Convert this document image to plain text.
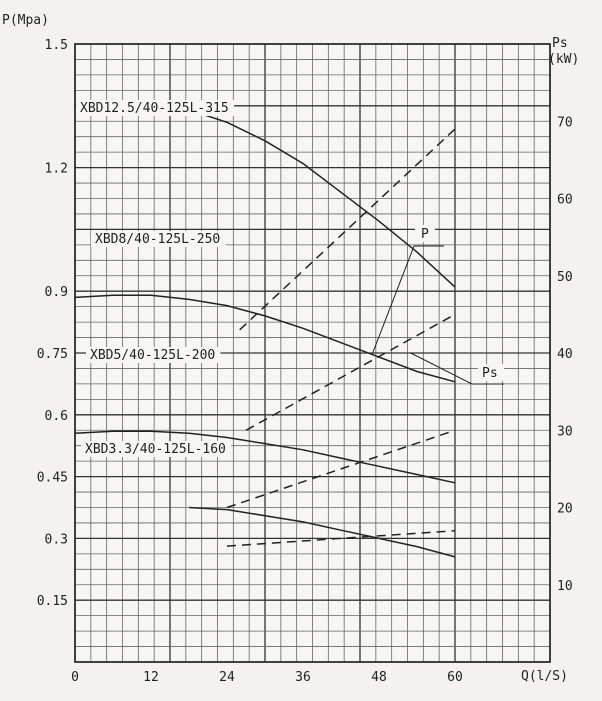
0	12	24	36	48	60
1.5
1.2
0.9
0.75
0.6
0.45
0.3
0.15
70
60
50
40
30
20
10
XBD12.5/40-125L-315
XBD8/40-125L-250
XBD5/40-125L-200
XBD3.3/40-125L-160
P
Ps
P(Mpa)
Ps
(kW)
Q(l/S)
